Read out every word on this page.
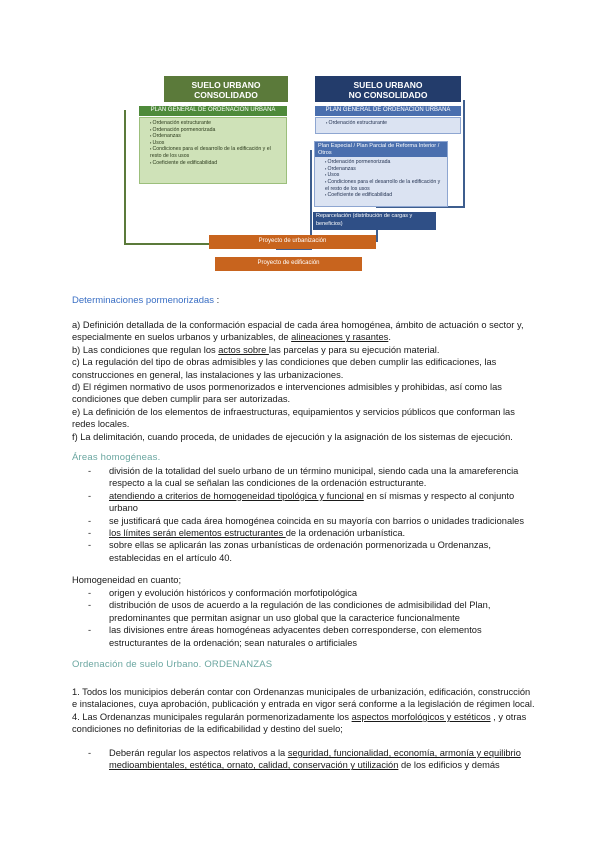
SUELO URBANO
CONSOLIDADO
PLAN GENERAL DE ORDENACIÓN URBANA
▪ Ordenación estructurante
▪ Ordenación pormenorizada
▪ Ordenanzas
▪ Usos
▪ Condiciones para el desarrollo de la edificación y el resto de los usos
▪ Coeficiente de edificabilidad
SUELO URBANO
NO CONSOLIDADO
PLAN GENERAL DE ORDENACIÓN URBANA
▪ Ordenación estructurante
Plan Especial / Plan Parcial de Reforma Interior / Otros
▪ Ordenación pormenorizada
▪ Ordenanzas
▪ Usos
▪ Condiciones para el desarrollo de la edificación y el resto de los usos
▪ Coeficiente de edificabilidad
Reparcelación (distribución de cargas y beneficios)
Proyecto de urbanización
Proyecto de edificación
Determinaciones pormenorizadas :
a) Definición detallada de la conformación espacial de cada área homogénea, ámbito de actuación o sector y, especialmente en suelos urbanos y urbanizables, de alineaciones y rasantes.
b) Las condiciones que regulan los actos sobre las parcelas y para su ejecución material.
c) La regulación del tipo de obras admisibles y las condiciones que deben cumplir las edificaciones, las construcciones en general, las instalaciones y las urbanizaciones.
d) El régimen normativo de usos pormenorizados e intervenciones admisibles y prohibidas, así como las condiciones que deben cumplir para ser autorizadas.
e) La definición de los elementos de infraestructuras, equipamientos y servicios públicos que conforman las redes locales.
f) La delimitación, cuando proceda, de unidades de ejecución y la asignación de los sistemas de ejecución.
Áreas homogéneas.
- división de la totalidad del suelo urbano de un término municipal, siendo cada una la amareferencia respecto a la cual se señalan las condiciones de la ordenación estructurante.
- atendiendo a criterios de homogeneidad tipológica y funcional en sí mismas y respecto al conjunto urbano
- se justificará que cada área homogénea coincida en su mayoría con barrios o unidades tradicionales
- los límites serán elementos estructurantes de la ordenación urbanística.
- sobre ellas se aplicarán las zonas urbanísticas de ordenación pormenorizada u Ordenanzas, establecidas en el artículo 40.
Homogeneidad en cuanto;
- origen y evolución históricos y conformación morfotipológica
- distribución de usos de acuerdo a la regulación de las condiciones de admisibilidad del Plan, predominantes que permitan asignar un uso global que la caracterice funcionalmente
- las divisiones entre áreas homogéneas adyacentes deben corresponderse, con elementos estructurantes de la ordenación; sean naturales o artificiales
Ordenación de suelo Urbano. ORDENANZAS
1. Todos los municipios deberán contar con Ordenanzas municipales de urbanización, edificación, construcción e instalaciones, cuya aprobación, publicación y entrada en vigor será conforme a la legislación de régimen local.
4. Las Ordenanzas municipales regularán pormenorizadamente los aspectos morfológicos y estéticos , y otras condiciones no definitorias de la edificabilidad y destino del suelo;
- Deberán regular los aspectos relativos a la seguridad, funcionalidad, economía, armonía y equilibrio medioambientales, estética, ornato, calidad, conservación y utilización de los edificios y demás
